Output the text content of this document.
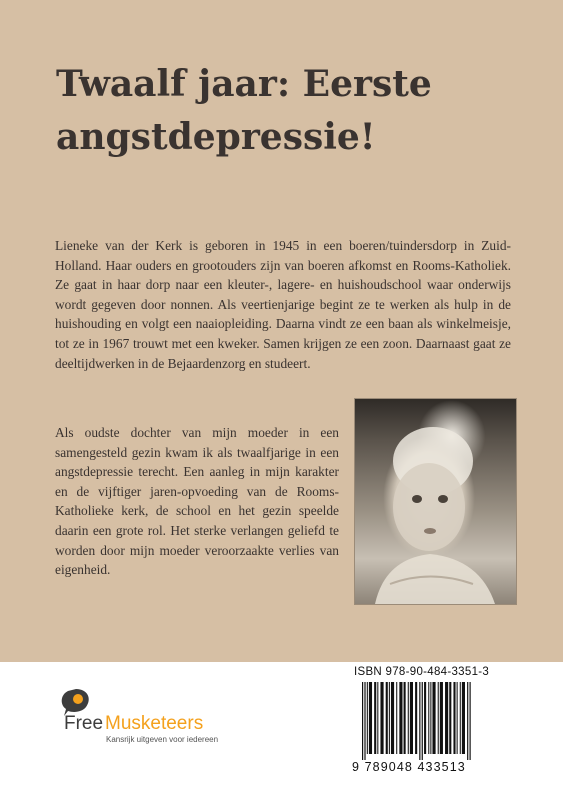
Twaalf jaar: Eerste angstdepressie!

Lieneke van der Kerk is geboren in 1945 in een boeren/tuindersdorp in Zuid-Holland. Haar ouders en grootouders zijn van boeren afkomst en Rooms-Katholiek. Ze gaat in haar dorp naar een kleuter-, lagere- en huishoudschool waar onderwijs wordt gegeven door nonnen. Als veertienjarige begint ze te werken als hulp in de huishouding en volgt een naaiopleiding. Daarna vindt ze een baan als winkelmeisje, tot ze in 1967 trouwt met een kweker. Samen krijgen ze een zoon. Daarnaast gaat ze deeltijdwerken in de Bejaardenzorg en studeert.

Als oudste dochter van mijn moeder in een samengesteld gezin kwam ik als twaalfjarige in een angstdepressie terecht. Een aanleg in mijn karakter en de vijftiger jaren-opvoeding van de Rooms-Katholieke kerk, de school en het gezin speelde daarin een grote rol. Het sterke verlangen geliefd te worden door mijn moeder veroorzaakte verlies van eigenheid.

ISBN 978-90-484-3351-3
9 789048 433513
Free Musketeers
Kansrijk uitgeven voor iedereen
